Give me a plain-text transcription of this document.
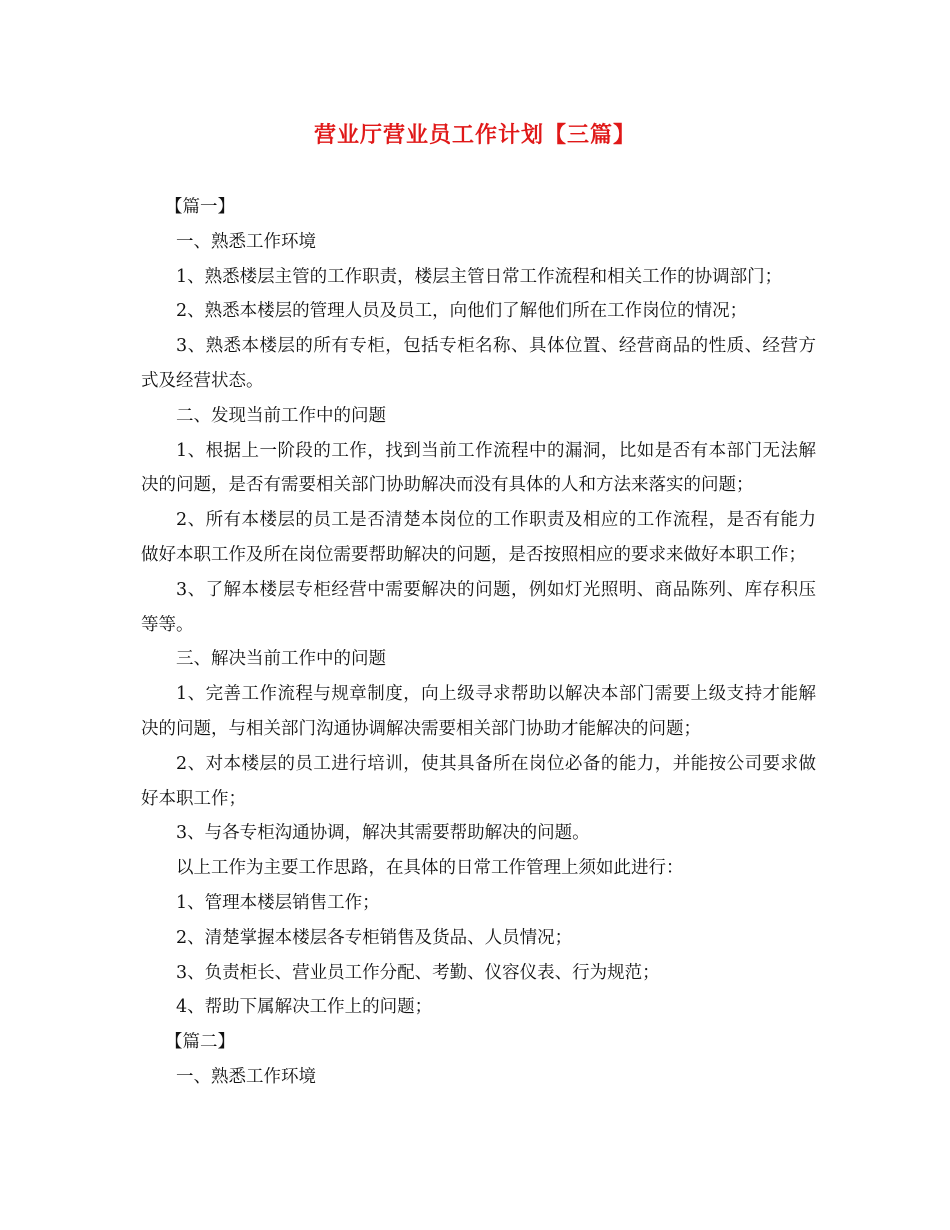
营业厅营业员工作计划【三篇】

【篇一】

一、熟悉工作环境

1、熟悉楼层主管的工作职责，楼层主管日常工作流程和相关工作的协调部门；

2、熟悉本楼层的管理人员及员工，向他们了解他们所在工作岗位的情况；

3、熟悉本楼层的所有专柜，包括专柜名称、具体位置、经营商品的性质、经营方式及经营状态。

二、发现当前工作中的问题

1、根据上一阶段的工作，找到当前工作流程中的漏洞，比如是否有本部门无法解决的问题，是否有需要相关部门协助解决而没有具体的人和方法来落实的问题；

2、所有本楼层的员工是否清楚本岗位的工作职责及相应的工作流程，是否有能力做好本职工作及所在岗位需要帮助解决的问题，是否按照相应的要求来做好本职工作；

3、了解本楼层专柜经营中需要解决的问题，例如灯光照明、商品陈列、库存积压等等。

三、解决当前工作中的问题

1、完善工作流程与规章制度，向上级寻求帮助以解决本部门需要上级支持才能解决的问题，与相关部门沟通协调解决需要相关部门协助才能解决的问题；

2、对本楼层的员工进行培训，使其具备所在岗位必备的能力，并能按公司要求做好本职工作；

3、与各专柜沟通协调，解决其需要帮助解决的问题。

以上工作为主要工作思路，在具体的日常工作管理上须如此进行：

1、管理本楼层销售工作；

2、清楚掌握本楼层各专柜销售及货品、人员情况；

3、负责柜长、营业员工作分配、考勤、仪容仪表、行为规范；

4、帮助下属解决工作上的问题；

【篇二】

一、熟悉工作环境
